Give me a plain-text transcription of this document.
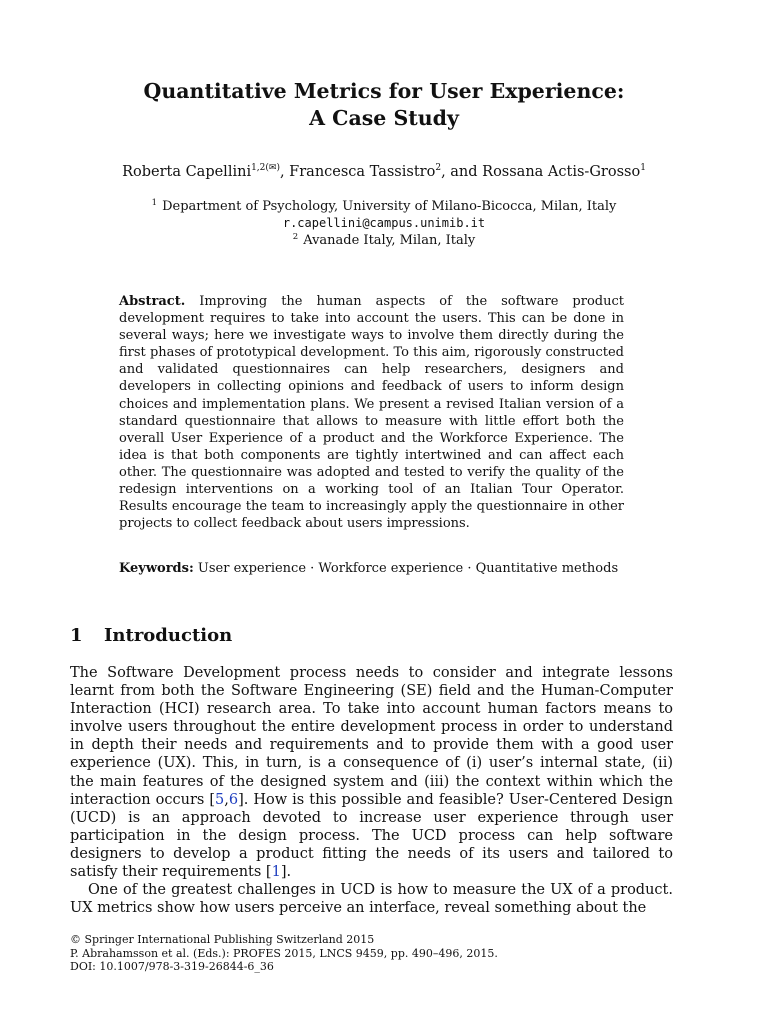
Quantitative Metrics for User Experience:
A Case Study
Roberta Capellini$^{1,2(✉)}$, Francesca Tassistro$^2$, and Rossana Actis-Grosso$^1$
$^1$ Department of Psychology, University of Milano-Bicocca, Milan, Italy
r.capellini@campus.unimib.it
$^2$ Avanade Italy, Milan, Italy
Abstract. Improving the human aspects of the software product development requires to take into account the users. This can be done in several ways; here we investigate ways to involve them directly during the first phases of prototypical development. To this aim, rigorously constructed and validated questionnaires can help researchers, designers and developers in collecting opinions and feedback of users to inform design choices and implementation plans. We present a revised Italian version of a standard questionnaire that allows to measure with little effort both the overall User Experience of a product and the Workforce Experience. The idea is that both components are tightly intertwined and can affect each other. The questionnaire was adopted and tested to verify the quality of the redesign interventions on a working tool of an Italian Tour Operator. Results encourage the team to increasingly apply the questionnaire in other projects to collect feedback about users impressions.
Keywords: User experience · Workforce experience · Quantitative methods
1 Introduction

The Software Development process needs to consider and integrate lessons learnt from both the Software Engineering (SE) field and the Human-Computer Interaction (HCI) research area. To take into account human factors means to involve users throughout the entire development process in order to understand in depth their needs and requirements and to provide them with a good user experience (UX). This, in turn, is a consequence of (i) user’s internal state, (ii) the main features of the designed system and (iii) the context within which the interaction occurs [5,6]. How is this possible and feasible? User-Centered Design (UCD) is an approach devoted to increase user experience through user participation in the design process. The UCD process can help software designers to develop a product fitting the needs of its users and tailored to satisfy their requirements [1].

One of the greatest challenges in UCD is how to measure the UX of a product. UX metrics show how users perceive an interface, reveal something about the

© Springer International Publishing Switzerland 2015
P. Abrahamsson et al. (Eds.): PROFES 2015, LNCS 9459, pp. 490–496, 2015.
DOI: 10.1007/978-3-319-26844-6_36
